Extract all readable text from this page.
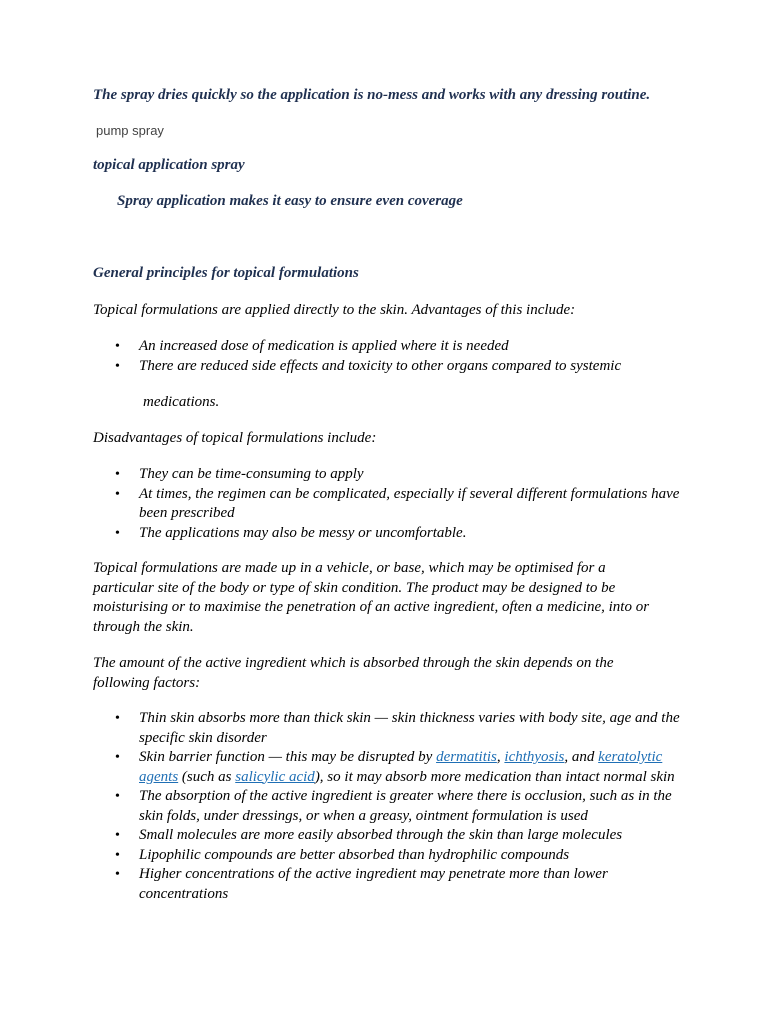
The spray dries quickly so the application is no-mess and works with any dressing routine.
pump spray
topical application spray
Spray application makes it easy to ensure even coverage
General principles for topical formulations
Topical formulations are applied directly to the skin. Advantages of this include:
• An increased dose of medication is applied where it is needed
• There are reduced side effects and toxicity to other organs compared to systemic
medications.
Disadvantages of topical formulations include:
• They can be time-consuming to apply
• At times, the regimen can be complicated, especially if several different formulations have been prescribed
• The applications may also be messy or uncomfortable.
Topical formulations are made up in a vehicle, or base, which may be optimised for a particular site of the body or type of skin condition. The product may be designed to be moisturising or to maximise the penetration of an active ingredient, often a medicine, into or through the skin.
The amount of the active ingredient which is absorbed through the skin depends on the following factors:
• Thin skin absorbs more than thick skin — skin thickness varies with body site, age and the specific skin disorder
• Skin barrier function — this may be disrupted by dermatitis, ichthyosis, and keratolytic agents (such as salicylic acid), so it may absorb more medication than intact normal skin
• The absorption of the active ingredient is greater where there is occlusion, such as in the skin folds, under dressings, or when a greasy, ointment formulation is used
• Small molecules are more easily absorbed through the skin than large molecules
• Lipophilic compounds are better absorbed than hydrophilic compounds
• Higher concentrations of the active ingredient may penetrate more than lower concentrations
